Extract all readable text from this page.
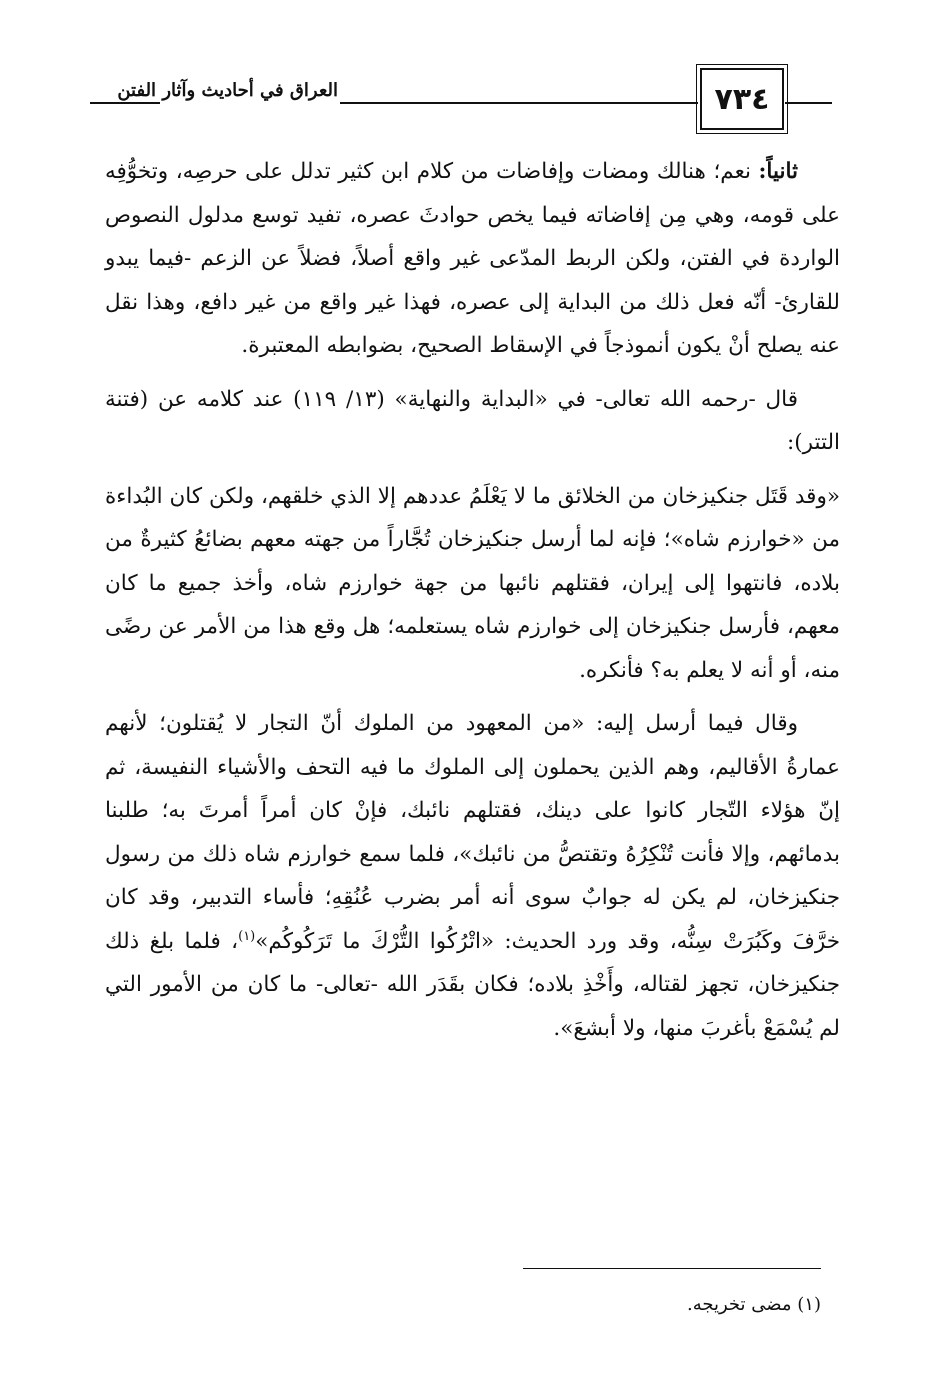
العراق في أحاديث وآثار الفتن	٧٣٤

ثانياً: نعم؛ هنالك ومضات وإفاضات من كلام ابن كثير تدلل على حرصِه، وتخوُّفِه على قومه، وهي مِن إفاضاته فيما يخص حوادثَ عصره، تفيد توسع مدلول النصوص الواردة في الفتن، ولكن الربط المدّعى غير واقع أصلاً، فضلاً عن الزعم -فيما يبدو للقارئ- أنّه فعل ذلك من البداية إلى عصره، فهذا غير واقع من غير دافع، وهذا نقل عنه يصلح أنْ يكون أنموذجاً في الإسقاط الصحيح، بضوابطه المعتبرة.

قال -رحمه الله تعالى- في «البداية والنهاية» (١٣/ ١١٩) عند كلامه عن (فتنة التتر):

«وقد قَتَل جنكيزخان من الخلائق ما لا يَعْلَمُ عددهم إلا الذي خلقهم، ولكن كان البُداءة من «خوارزم شاه»؛ فإنه لما أرسل جنكيزخان تُجَّاراً من جهته معهم بضائعُ كثيرةٌ من بلاده، فانتهوا إلى إيران، فقتلهم نائبها من جهة خوارزم شاه، وأخذ جميع ما كان معهم، فأرسل جنكيزخان إلى خوارزم شاه يستعلمه؛ هل وقع هذا من الأمر عن رضًى منه، أو أنه لا يعلم به؟ فأنكره.

وقال فيما أرسل إليه: «من المعهود من الملوك أنّ التجار لا يُقتلون؛ لأنهم عمارةُ الأقاليم، وهم الذين يحملون إلى الملوك ما فيه التحف والأشياء النفيسة، ثم إنّ هؤلاء التّجار كانوا على دينك، فقتلهم نائبك، فإنْ كان أمراً أمرتَ به؛ طلبنا بدمائهم، وإلا فأنت تُنْكِرُهُ وتقتصُّ من نائبك»، فلما سمع خوارزم شاه ذلك من رسول جنكيزخان، لم يكن له جوابٌ سوى أنه أمر بضرب عُنُقِهِ؛ فأساء التدبير، وقد كان خرَّفَ وكَبُرَتْ سِنُّه، وقد ورد الحديث: «اتْرُكُوا التُّرْكَ ما تَرَكُوكُم»$^{(١)}$، فلما بلغ ذلك جنكيزخان، تجهز لقتاله، وأَخْذِ بلاده؛ فكان بقَدَر الله -تعالى- ما كان من الأمور التي لم يُسْمَعْ بأغربَ منها، ولا أبشعَ».

(١) مضى تخريجه.
